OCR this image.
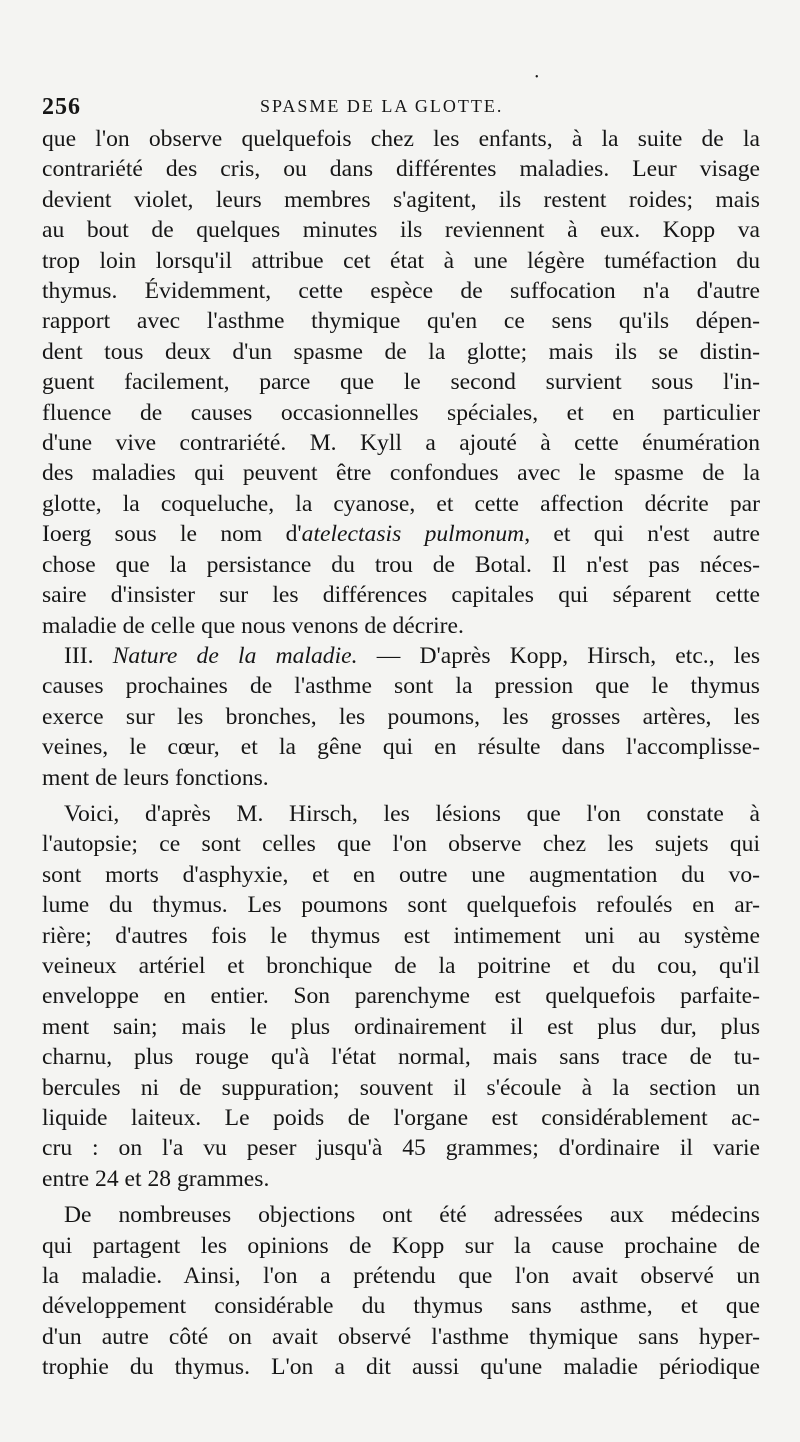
256	SPASME DE LA GLOTTE.
•
que l'on observe quelquefois chez les enfants, à la suite de la
contrariété des cris, ou dans différentes maladies. Leur visage
devient violet, leurs membres s'agitent, ils restent roides; mais
au bout de quelques minutes ils reviennent à eux. Kopp va
trop loin lorsqu'il attribue cet état à une légère tuméfaction du
thymus. Évidemment, cette espèce de suffocation n'a d'autre
rapport avec l'asthme thymique qu'en ce sens qu'ils dépen-
dent tous deux d'un spasme de la glotte; mais ils se distin-
guent facilement, parce que le second survient sous l'in-
fluence de causes occasionnelles spéciales, et en particulier
d'une vive contrariété. M. Kyll a ajouté à cette énumération
des maladies qui peuvent être confondues avec le spasme de la
glotte, la coqueluche, la cyanose, et cette affection décrite par
Ioerg sous le nom d'atelectasis pulmonum, et qui n'est autre
chose que la persistance du trou de Botal. Il n'est pas néces-
saire d'insister sur les différences capitales qui séparent cette
maladie de celle que nous venons de décrire.
III. Nature de la maladie. — D'après Kopp, Hirsch, etc., les
causes prochaines de l'asthme sont la pression que le thymus
exerce sur les bronches, les poumons, les grosses artères, les
veines, le cœur, et la gêne qui en résulte dans l'accomplisse-
ment de leurs fonctions.
Voici, d'après M. Hirsch, les lésions que l'on constate à
l'autopsie; ce sont celles que l'on observe chez les sujets qui
sont morts d'asphyxie, et en outre une augmentation du vo-
lume du thymus. Les poumons sont quelquefois refoulés en ar-
rière; d'autres fois le thymus est intimement uni au système
veineux artériel et bronchique de la poitrine et du cou, qu'il
enveloppe en entier. Son parenchyme est quelquefois parfaite-
ment sain; mais le plus ordinairement il est plus dur, plus
charnu, plus rouge qu'à l'état normal, mais sans trace de tu-
bercules ni de suppuration; souvent il s'écoule à la section un
liquide laiteux. Le poids de l'organe est considérablement ac-
cru : on l'a vu peser jusqu'à 45 grammes; d'ordinaire il varie
entre 24 et 28 grammes.
De nombreuses objections ont été adressées aux médecins
qui partagent les opinions de Kopp sur la cause prochaine de
la maladie. Ainsi, l'on a prétendu que l'on avait observé un
développement considérable du thymus sans asthme, et que
d'un autre côté on avait observé l'asthme thymique sans hyper-
trophie du thymus. L'on a dit aussi qu'une maladie périodique
